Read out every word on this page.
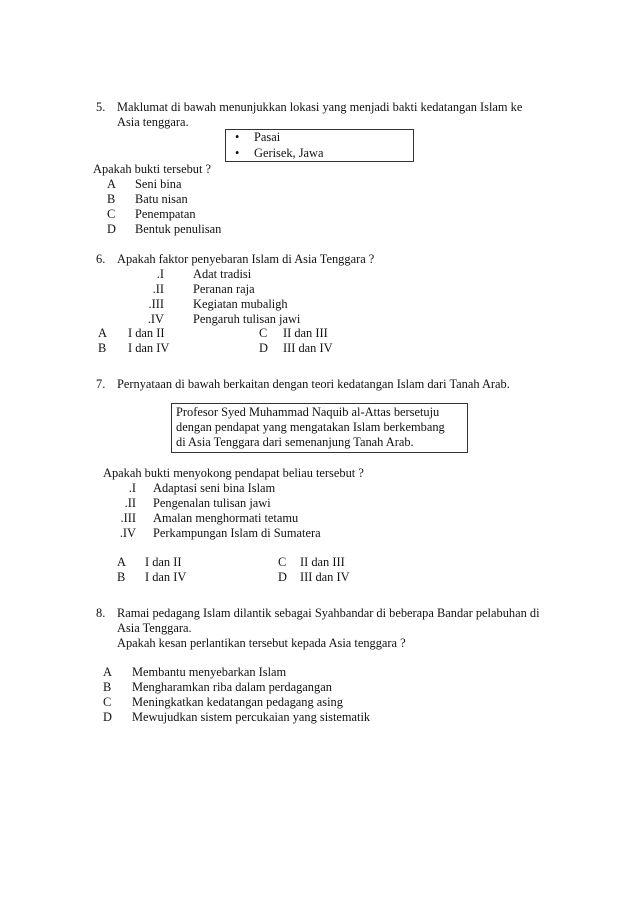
5. Maklumat di bawah menunjukkan lokasi yang menjadi bakti kedatangan Islam ke
Asia tenggara.
• Pasai
• Gerisek, Jawa
Apakah bukti tersebut ?
A Seni bina
B Batu nisan
C Penempatan
D Bentuk penulisan
6. Apakah faktor penyebaran Islam di Asia Tenggara ?
I. Adat tradisi
II. Peranan raja
III. Kegiatan mubaligh
IV. Pengaruh tulisan jawi
A I dan II
B I dan IV
C II dan III
D III dan IV
7. Pernyataan di bawah berkaitan dengan teori kedatangan Islam dari Tanah Arab.
Profesor Syed Muhammad Naquib al-Attas bersetuju
dengan pendapat yang mengatakan Islam berkembang
di Asia Tenggara dari semenanjung Tanah Arab.
Apakah bukti menyokong pendapat beliau tersebut ?
I. Adaptasi seni bina Islam
II. Pengenalan tulisan jawi
III. Amalan menghormati tetamu
IV. Perkampungan Islam di Sumatera
A I dan II
B I dan IV
C II dan III
D III dan IV
8. Ramai pedagang Islam dilantik sebagai Syahbandar di beberapa Bandar pelabuhan di
Asia Tenggara.
Apakah kesan perlantikan tersebut kepada Asia tenggara ?
A Membantu menyebarkan Islam
B Mengharamkan riba dalam perdagangan
C Meningkatkan kedatangan pedagang asing
D Mewujudkan sistem percukaian yang sistematik
